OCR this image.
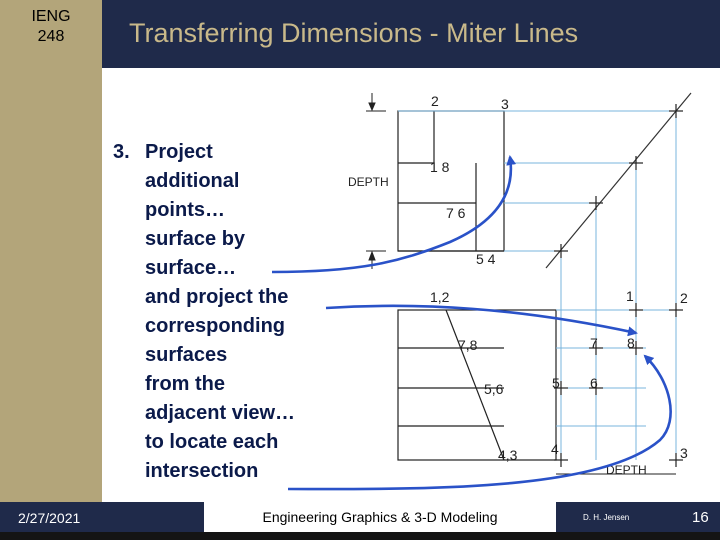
IENG
248	Transferring Dimensions - Miter Lines
3. Project
additional
points…
surface by
surface…
and project the
corresponding
surfaces
from the
adjacent view…
to locate each
intersection
2	3
1 8
7 6
5 4
1,2
7,8
5,6
4,3
DEPTH
DEPTH
1	2
7 8
5 6
4	3
2/27/2021	Engineering Graphics & 3-D Modeling	D. H. Jensen	16
